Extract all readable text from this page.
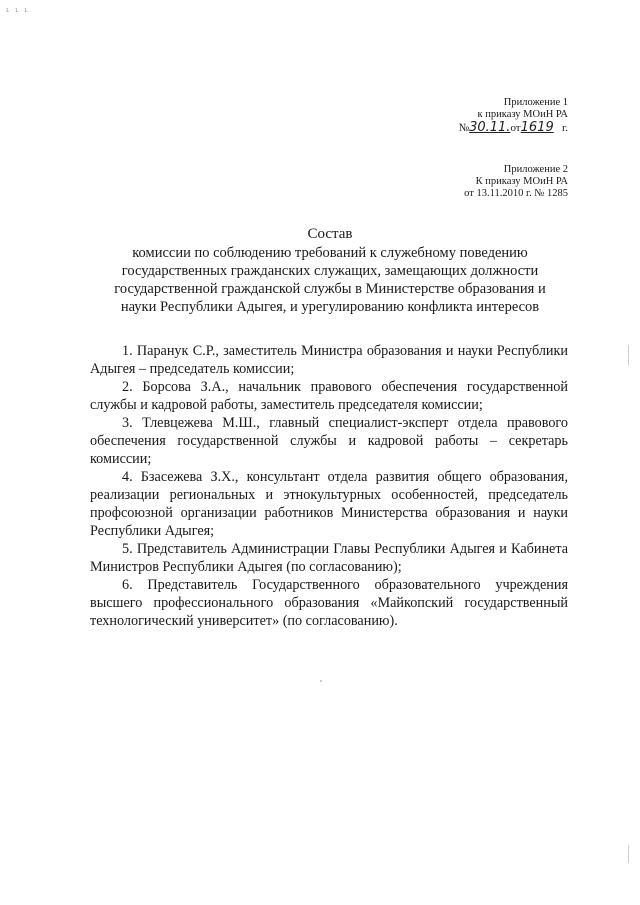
ւ ւ ւ
Приложение 1
к приказу МОиН РА
№30.11.от1619 г.
Приложение 2
К приказу МОиН РА
от 13.11.2010 г. № 1285
Состав
комиссии по соблюдению требований к служебному поведению
государственных гражданских служащих, замещающих должности
государственной гражданской службы в Министерстве образования и
науки Республики Адыгея, и урегулированию конфликта интересов

1. Паранук С.Р., заместитель Министра образования и науки Республики Адыгея – председатель комиссии;

2. Борсова З.А., начальник правового обеспечения государственной службы и кадровой работы, заместитель председателя комиссии;

3. Тлевцежева М.Ш., главный специалист-эксперт отдела правового обеспечения государственной службы и кадровой работы – секретарь комиссии;

4. Бзасежева З.Х., консультант отдела развития общего образования, реализации региональных и этнокультурных особенностей, председатель профсоюзной организации работников Министерства образования и науки Республики Адыгея;

5. Представитель Администрации Главы Республики Адыгея и Кабинета Министров Республики Адыгея (по согласованию);

6. Представитель Государственного образовательного учреждения высшего профессионального образования «Майкопский государственный технологический университет» (по согласованию).
